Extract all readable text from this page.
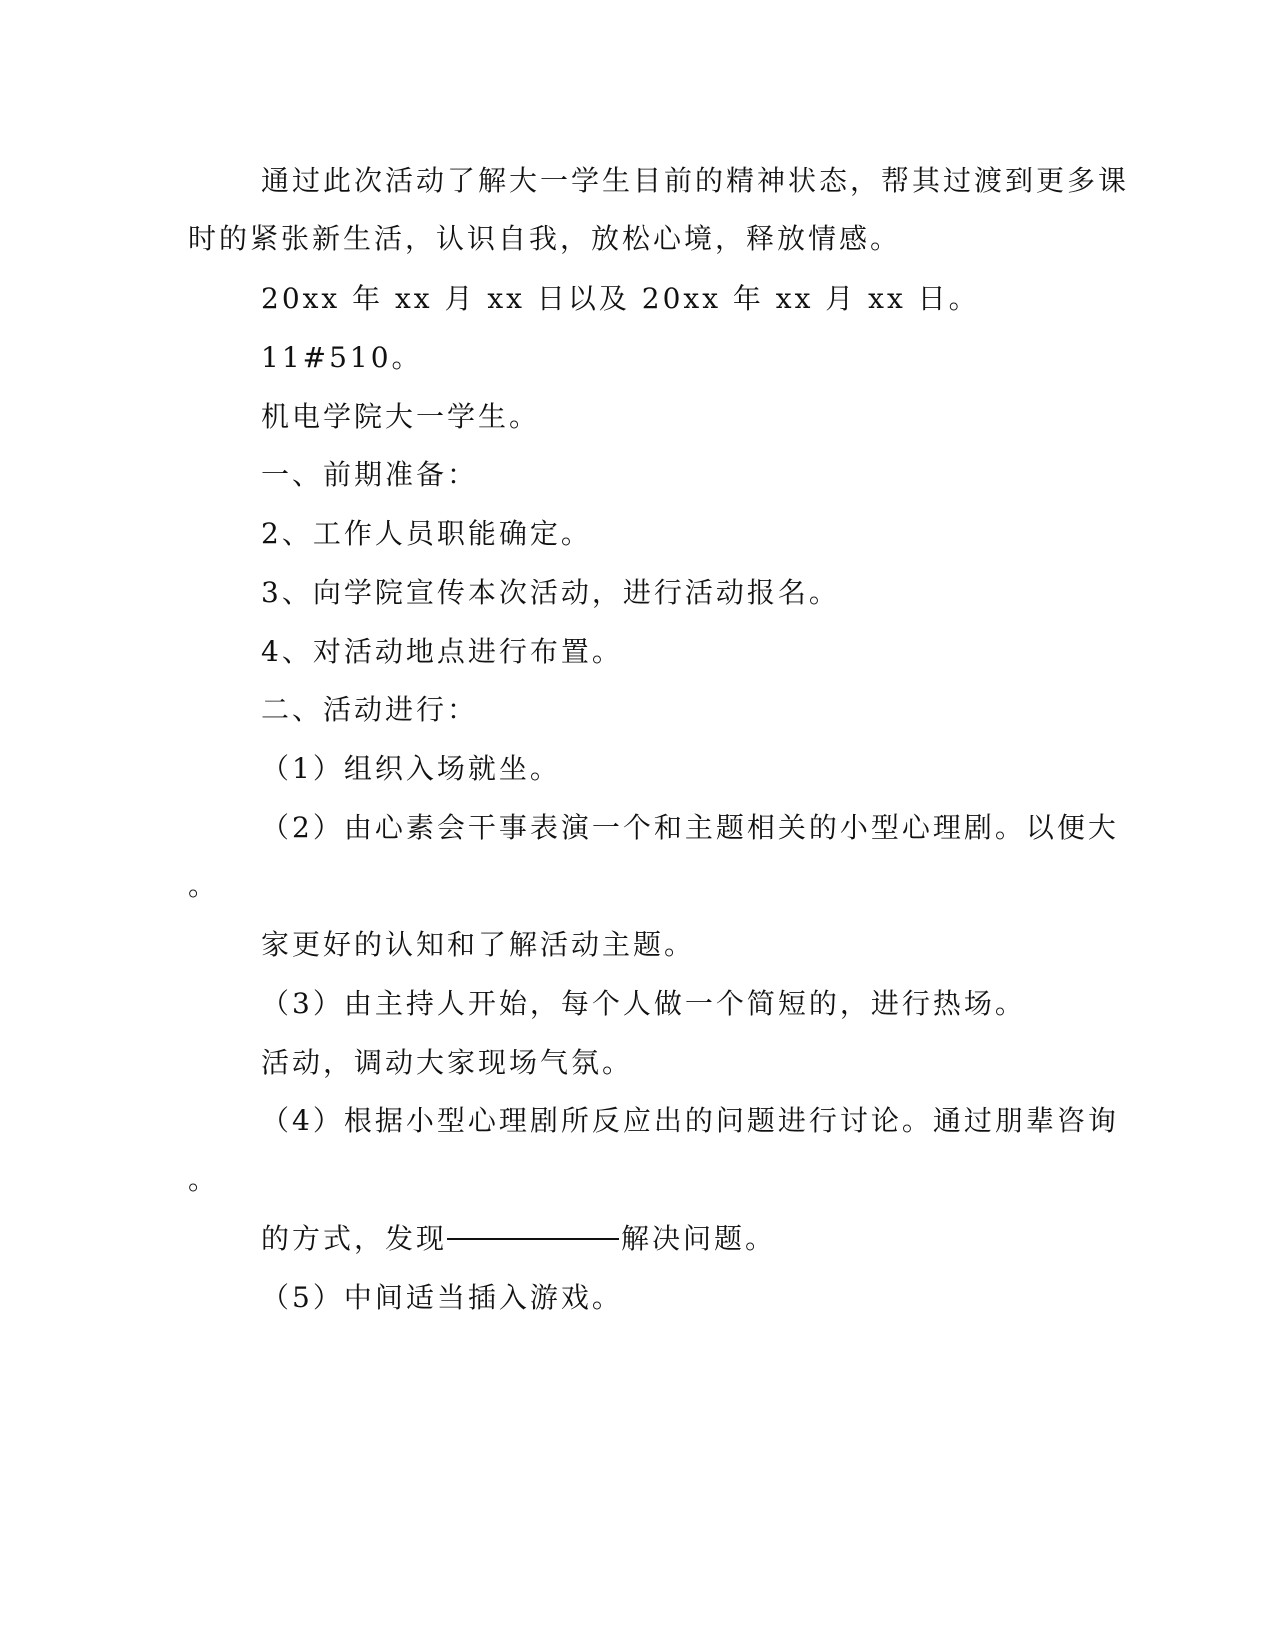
通过此次活动了解大一学生目前的精神状态，帮其过渡到更多课
时的紧张新生活，认识自我，放松心境，释放情感。
20xx 年 xx 月 xx 日以及 20xx 年 xx 月 xx 日。
11#510。
机电学院大一学生。
一、前期准备：
2、工作人员职能确定。
3、向学院宣传本次活动，进行活动报名。
4、对活动地点进行布置。
二、活动进行：
（1）组织入场就坐。
（2）由心素会干事表演一个和主题相关的小型心理剧。以便大
。
家更好的认知和了解活动主题。
（3）由主持人开始，每个人做一个简短的，进行热场。
活动，调动大家现场气氛。
（4）根据小型心理剧所反应出的问题进行讨论。通过朋辈咨询
。
的方式，发现	解决问题。
（5）中间适当插入游戏。
